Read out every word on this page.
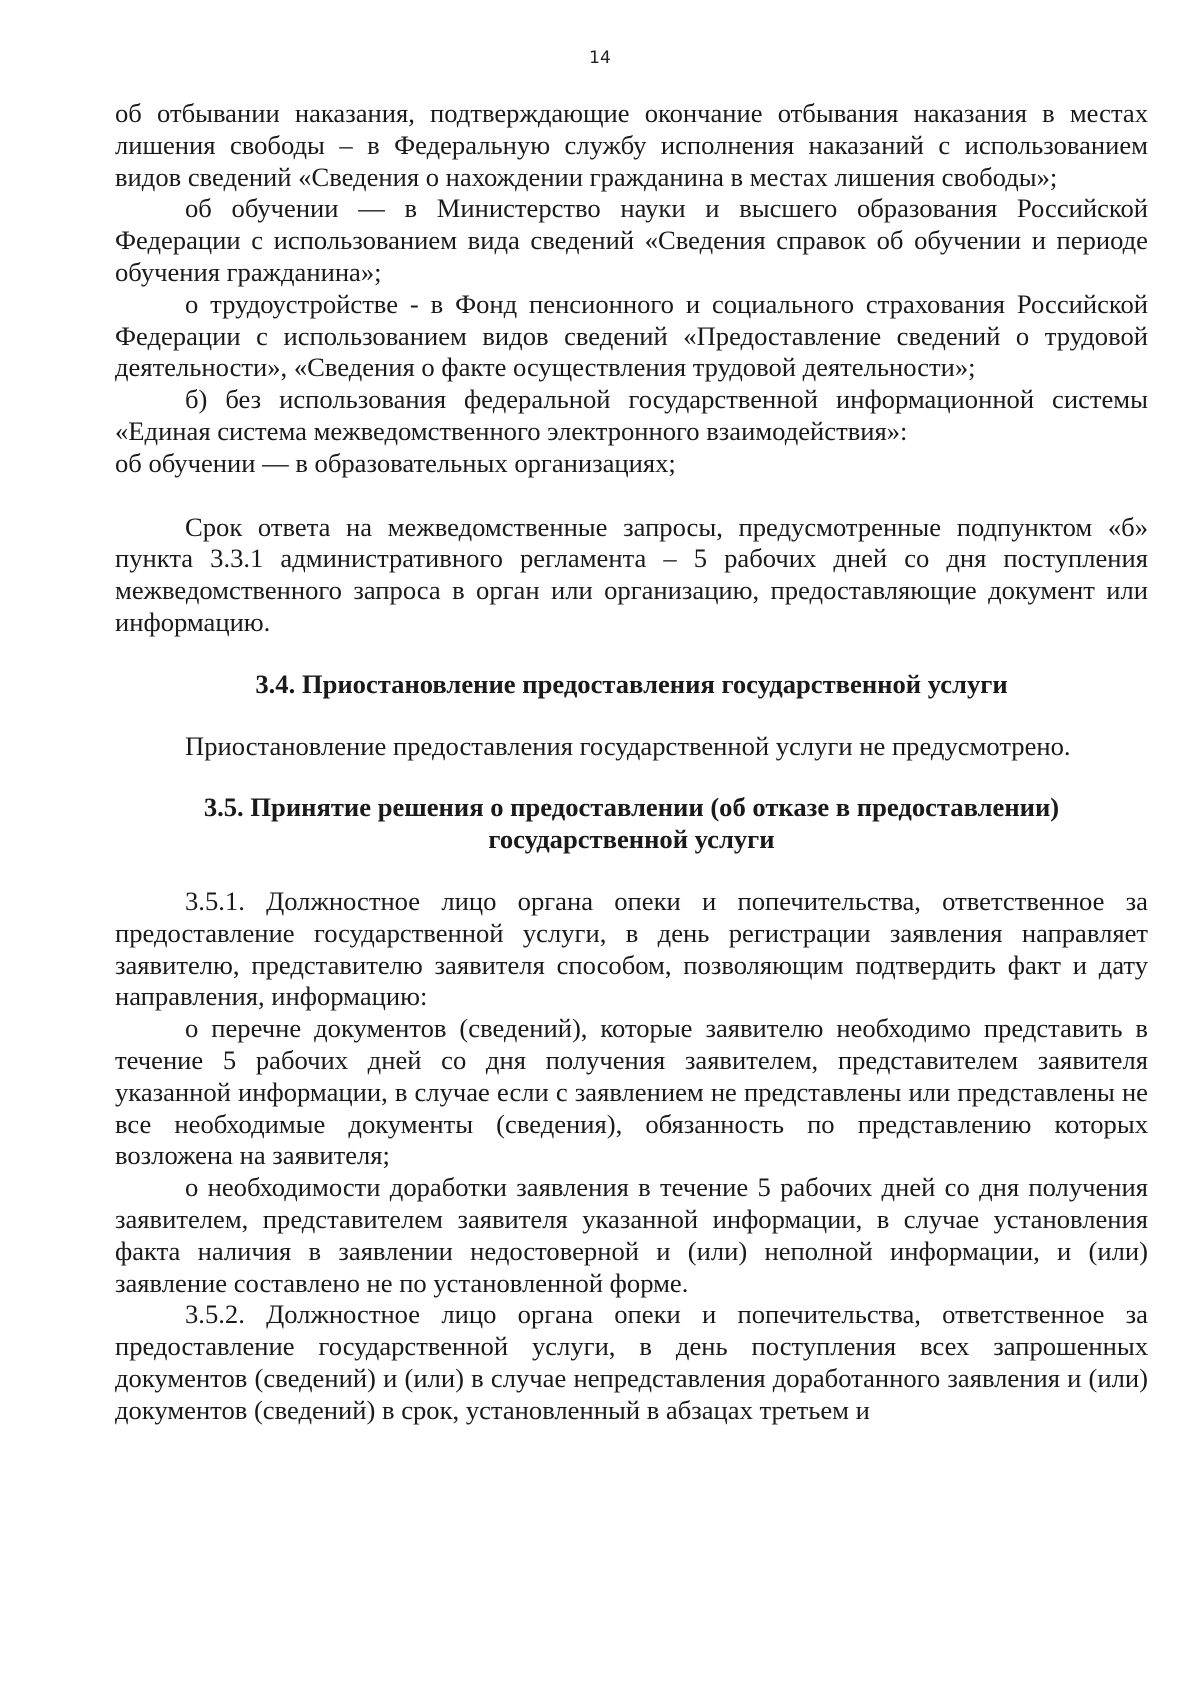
14

об отбывании наказания, подтверждающие окончание отбывания наказания в местах лишения свободы – в Федеральную службу исполнения наказаний с использованием видов сведений «Сведения о нахождении гражданина в местах лишения свободы»;

об обучении — в Министерство науки и высшего образования Российской Федерации с использованием вида сведений «Сведения справок об обучении и периоде обучения гражданина»;

о трудоустройстве - в Фонд пенсионного и социального страхования Российской Федерации с использованием видов сведений «Предоставление сведений о трудовой деятельности», «Сведения о факте осуществления трудовой деятельности»;

б) без использования федеральной государственной информационной системы «Единая система межведомственного электронного взаимодействия»:

об обучении — в образовательных организациях;

Срок ответа на межведомственные запросы, предусмотренные подпунктом «б» пункта 3.3.1 административного регламента – 5 рабочих дней со дня поступления межведомственного запроса в орган или организацию, предоставляющие документ или информацию.

3.4. Приостановление предоставления государственной услуги

Приостановление предоставления государственной услуги не предусмотрено.

3.5. Принятие решения о предоставлении (об отказе в предоставлении)
государственной услуги

3.5.1. Должностное лицо органа опеки и попечительства, ответственное за предоставление государственной услуги, в день регистрации заявления направляет заявителю, представителю заявителя способом, позволяющим подтвердить факт и дату направления, информацию:

о перечне документов (сведений), которые заявителю необходимо представить в течение 5 рабочих дней со дня получения заявителем, представителем заявителя указанной информации, в случае если с заявлением не представлены или представлены не все необходимые документы (сведения), обязанность по представлению которых возложена на заявителя;

о необходимости доработки заявления в течение 5 рабочих дней со дня получения заявителем, представителем заявителя указанной информации, в случае установления факта наличия в заявлении недостоверной и (или) неполной информации, и (или) заявление составлено не по установленной форме.

3.5.2. Должностное лицо органа опеки и попечительства, ответственное за предоставление государственной услуги, в день поступления всех запрошенных документов (сведений) и (или) в случае непредставления доработанного заявления и (или) документов (сведений) в срок, установленный в абзацах третьем и
